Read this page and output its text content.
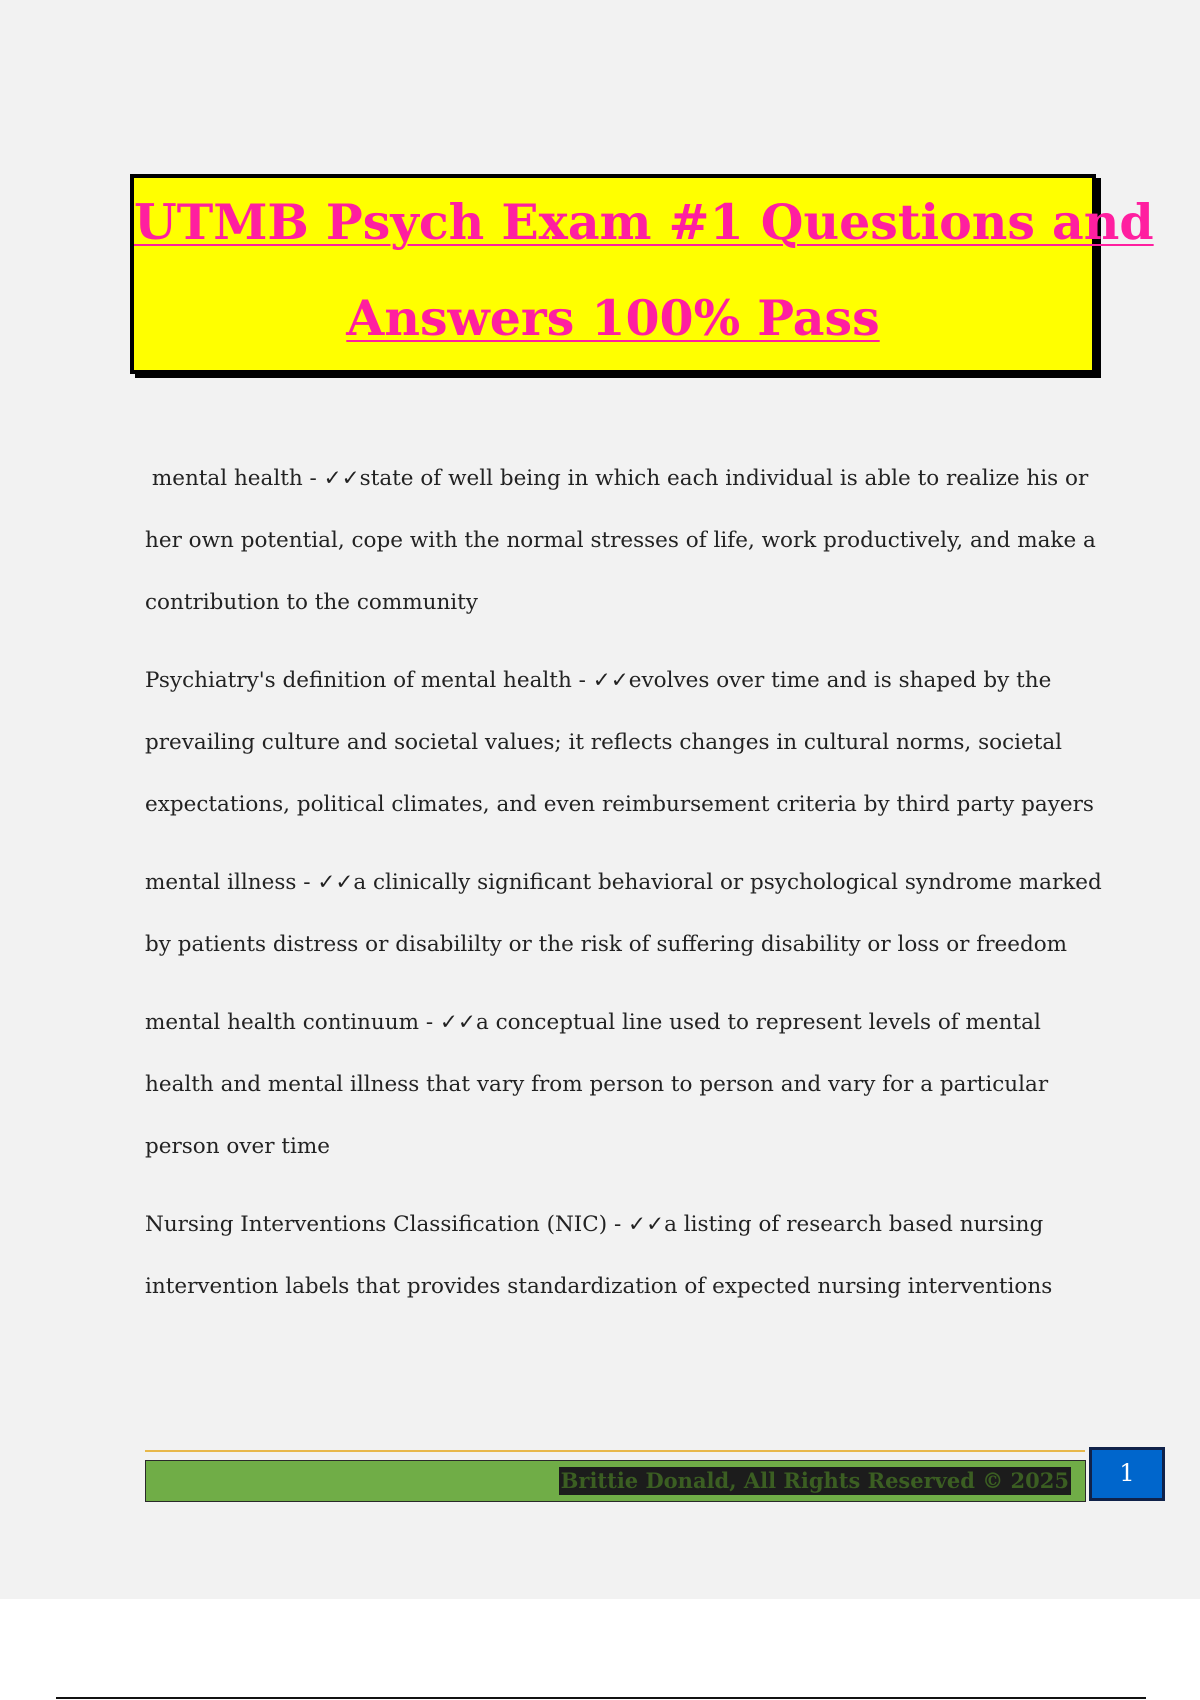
UTMB Psych Exam #1 Questions and
Answers 100% Pass

mental health - ✓✓state of well being in which each individual is able to realize his or
her own potential, cope with the normal stresses of life, work productively, and make a
contribution to the community

Psychiatry's definition of mental health - ✓✓evolves over time and is shaped by the
prevailing culture and societal values; it reflects changes in cultural norms, societal
expectations, political climates, and even reimbursement criteria by third party payers

mental illness - ✓✓a clinically significant behavioral or psychological syndrome marked
by patients distress or disabililty or the risk of suffering disability or loss or freedom

mental health continuum - ✓✓a conceptual line used to represent levels of mental
health and mental illness that vary from person to person and vary for a particular
person over time

Nursing Interventions Classification (NIC) - ✓✓a listing of research based nursing
intervention labels that provides standardization of expected nursing interventions

Brittie Donald, All Rights Reserved © 2025	1
